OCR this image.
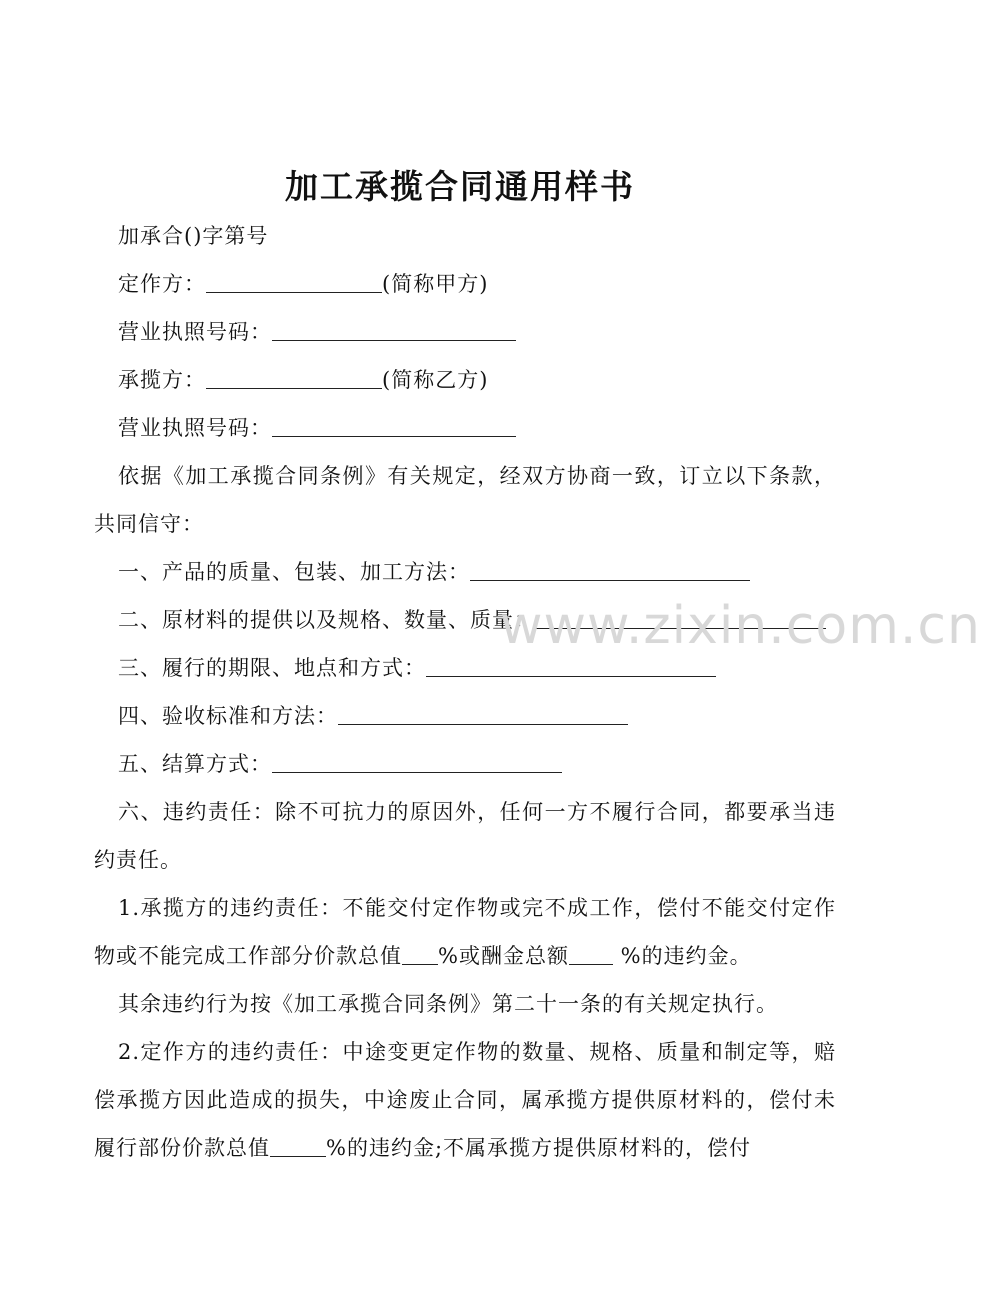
加工承揽合同通用样书

加承合()字第号

定作方：	(简称甲方)

营业执照号码：

承揽方：	(简称乙方)

营业执照号码：

依据《加工承揽合同条例》有关规定，经双方协商一致，订立以下条款，共同信守：

一、产品的质量、包装、加工方法：

二、原材料的提供以及规格、数量、质量：

三、履行的期限、地点和方式：

四、验收标准和方法：

五、结算方式：

六、违约责任：除不可抗力的原因外，任何一方不履行合同，都要承当违约责任。

1.承揽方的违约责任：不能交付定作物或完不成工作，偿付不能交付定作物或不能完成工作部分价款总值 %或酬金总额 %的违约金。

其余违约行为按《加工承揽合同条例》第二十一条的有关规定执行。

2.定作方的违约责任：中途变更定作物的数量、规格、质量和制定等，赔偿承揽方因此造成的损失，中途废止合同，属承揽方提供原材料的，偿付未履行部份价款总值	%的违约金;不属承揽方提供原材料的，偿付

www.zixin.com.cn
